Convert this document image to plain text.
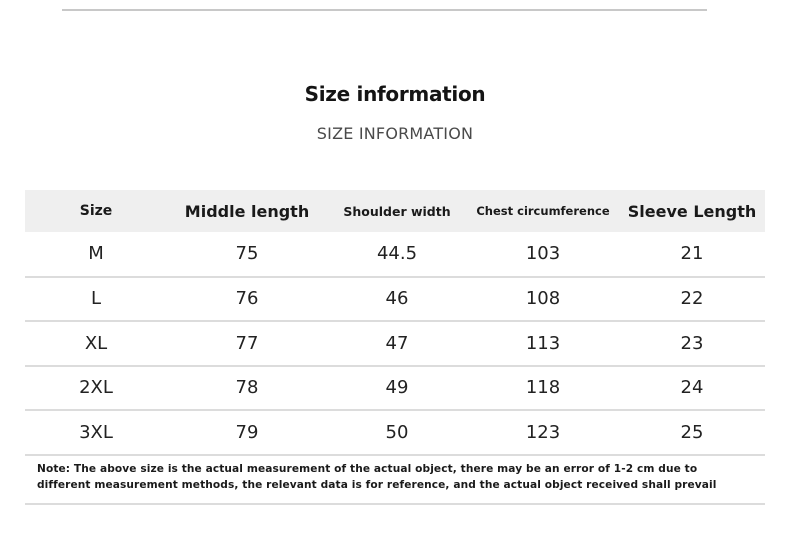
Size information
SIZE INFORMATION
Size	Middle length	Shoulder width	Chest circumference	Sleeve Length
M	75	44.5	103	21
L	76	46	108	22
XL	77	47	113	23
2XL	78	49	118	24
3XL	79	50	123	25
Note: The above size is the actual measurement of the actual object, there may be an error of 1-2 cm due to
different measurement methods, the relevant data is for reference, and the actual object received shall prevail
